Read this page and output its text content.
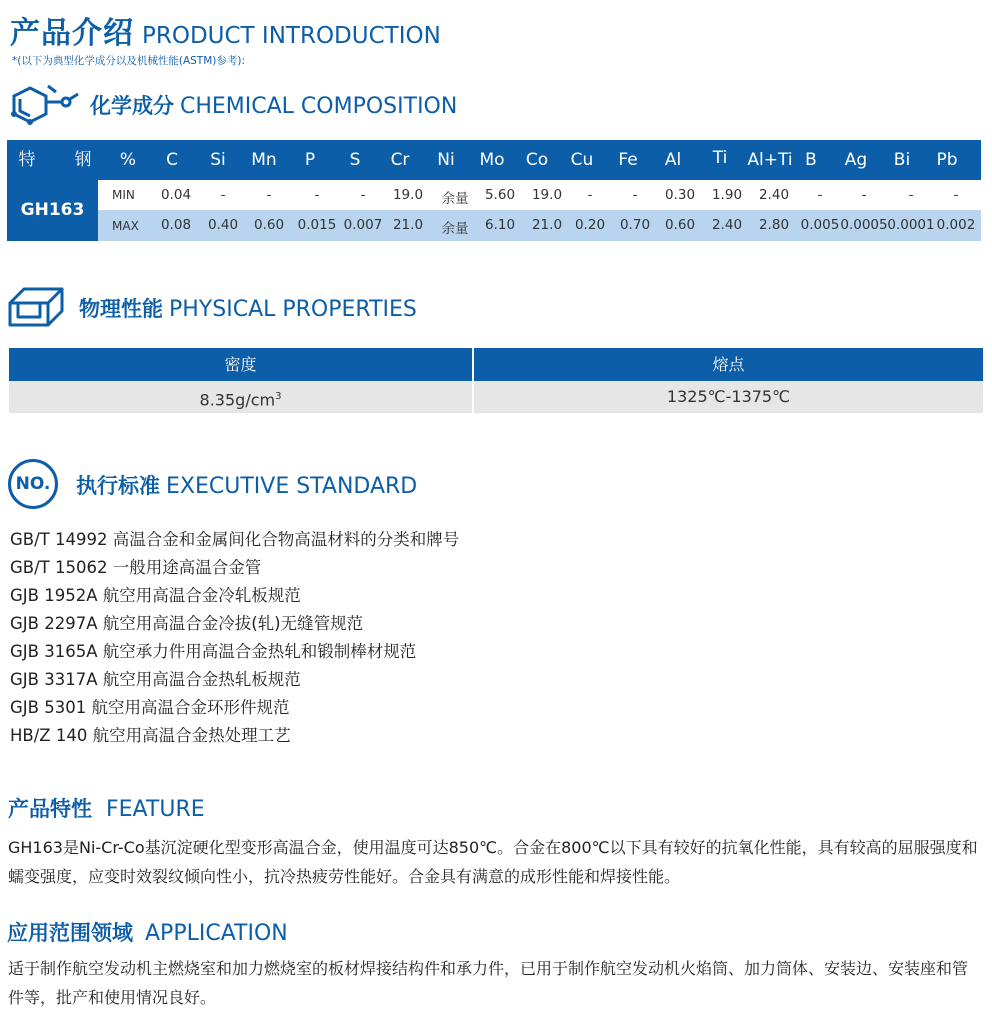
产品介绍 PRODUCT INTRODUCTION
*(以下为典型化学成分以及机械性能(ASTM)参考):
化学成分 CHEMICAL COMPOSITION
特 钢	%	C	Si	Mn	P	S	Cr	Ni	Mo	Co	Cu	Fe	Al	Ti	Al+Ti B	Ag	Bi	Pb
GH163
MIN	0.04	-	-	-	-	19.0	余量	5.60	19.0	-	-	0.30	1.90	2.40	-	-	-	-
MAX	0.08	0.40	0.60	0.015 0.007 21.0	余量	6.10	21.0 0.20	0.70	0.60	2.40	2.80 0.005 0.0005 0.0001 0.002
物理性能 PHYSICAL PROPERTIES
密度	熔点
$8.35g/cm^3$	1325℃-1375℃
NO.	执行标准 EXECUTIVE STANDARD
GB/T 14992 高温合金和金属间化合物高温材料的分类和牌号
GB/T 15062 一般用途高温合金管
GJB 1952A 航空用高温合金冷轧板规范
GJB 2297A 航空用高温合金冷拔(轧)无缝管规范
GJB 3165A 航空承力件用高温合金热轧和锻制棒材规范
GJB 3317A 航空用高温合金热轧板规范
GJB 5301 航空用高温合金环形件规范
HB/Z 140 航空用高温合金热处理工艺
产品特性 FEATURE
GH163是Ni-Cr-Co基沉淀硬化型变形高温合金，使用温度可达850℃。合金在800℃以下具有较好的抗氧化性能，具有较高的屈服强度和蠕变强度，应变时效裂纹倾向性小，抗冷热疲劳性能好。合金具有满意的成形性能和焊接性能。
应用范围领域 APPLICATION
适于制作航空发动机主燃烧室和加力燃烧室的板材焊接结构件和承力件，已用于制作航空发动机火焰筒、加力筒体、安装边、安装座和管件等，批产和使用情况良好。
